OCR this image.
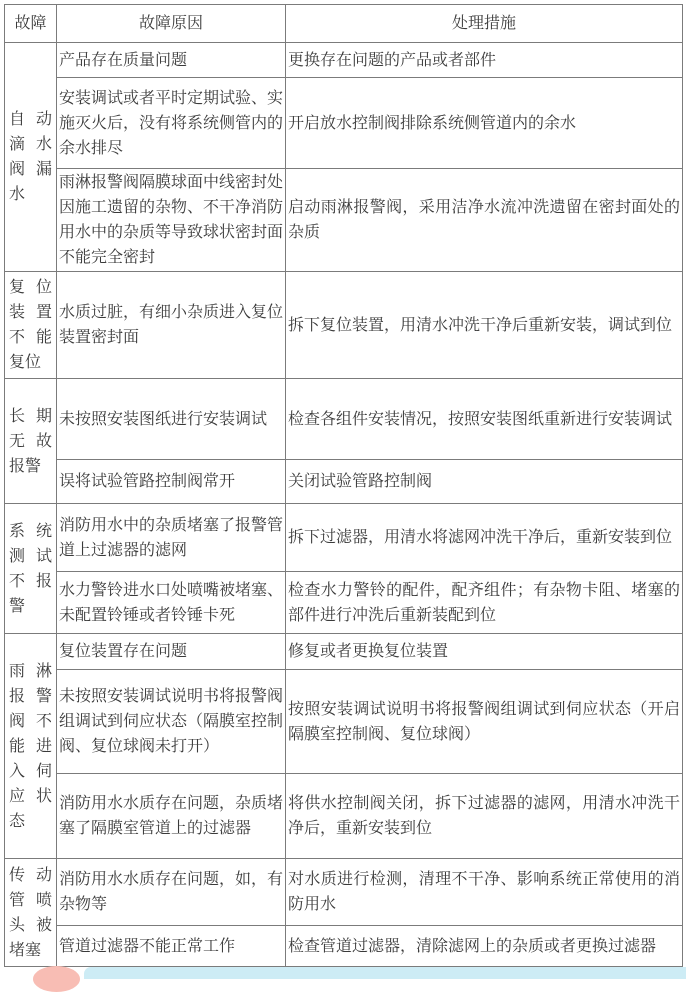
故障	故障原因	处理措施
自动滴水阀漏水	产品存在质量问题	更换存在问题的产品或者部件
	安装调试或者平时定期试验、实施灭火后，没有将系统侧管内的余水排尽	开启放水控制阀排除系统侧管道内的余水
	雨淋报警阀隔膜球面中线密封处因施工遗留的杂物、不干净消防用水中的杂质等导致球状密封面不能完全密封	启动雨淋报警阀，采用洁净水流冲洗遗留在密封面处的杂质
复位装置不能复位	水质过脏，有细小杂质进入复位装置密封面	拆下复位装置，用清水冲洗干净后重新安装，调试到位
长期无故报警	未按照安装图纸进行安装调试	检查各组件安装情况，按照安装图纸重新进行安装调试
	误将试验管路控制阀常开	关闭试验管路控制阀
系统测试不报警	消防用水中的杂质堵塞了报警管道上过滤器的滤网	拆下过滤器，用清水将滤网冲洗干净后，重新安装到位
	水力警铃进水口处喷嘴被堵塞、未配置铃锤或者铃锤卡死	检查水力警铃的配件，配齐组件；有杂物卡阻、堵塞的部件进行冲洗后重新装配到位
雨淋报警阀不能进入伺应状态	复位装置存在问题	修复或者更换复位装置
	未按照安装调试说明书将报警阀组调试到伺应状态（隔膜室控制阀、复位球阀未打开）	按照安装调试说明书将报警阀组调试到伺应状态（开启隔膜室控制阀、复位球阀）
	消防用水水质存在问题，杂质堵塞了隔膜室管道上的过滤器	将供水控制阀关闭，拆下过滤器的滤网，用清水冲洗干净后，重新安装到位
传动管喷头被堵塞	消防用水水质存在问题，如，有杂物等	对水质进行检测，清理不干净、影响系统正常使用的消防用水
	管道过滤器不能正常工作	检查管道过滤器，清除滤网上的杂质或者更换过滤器
